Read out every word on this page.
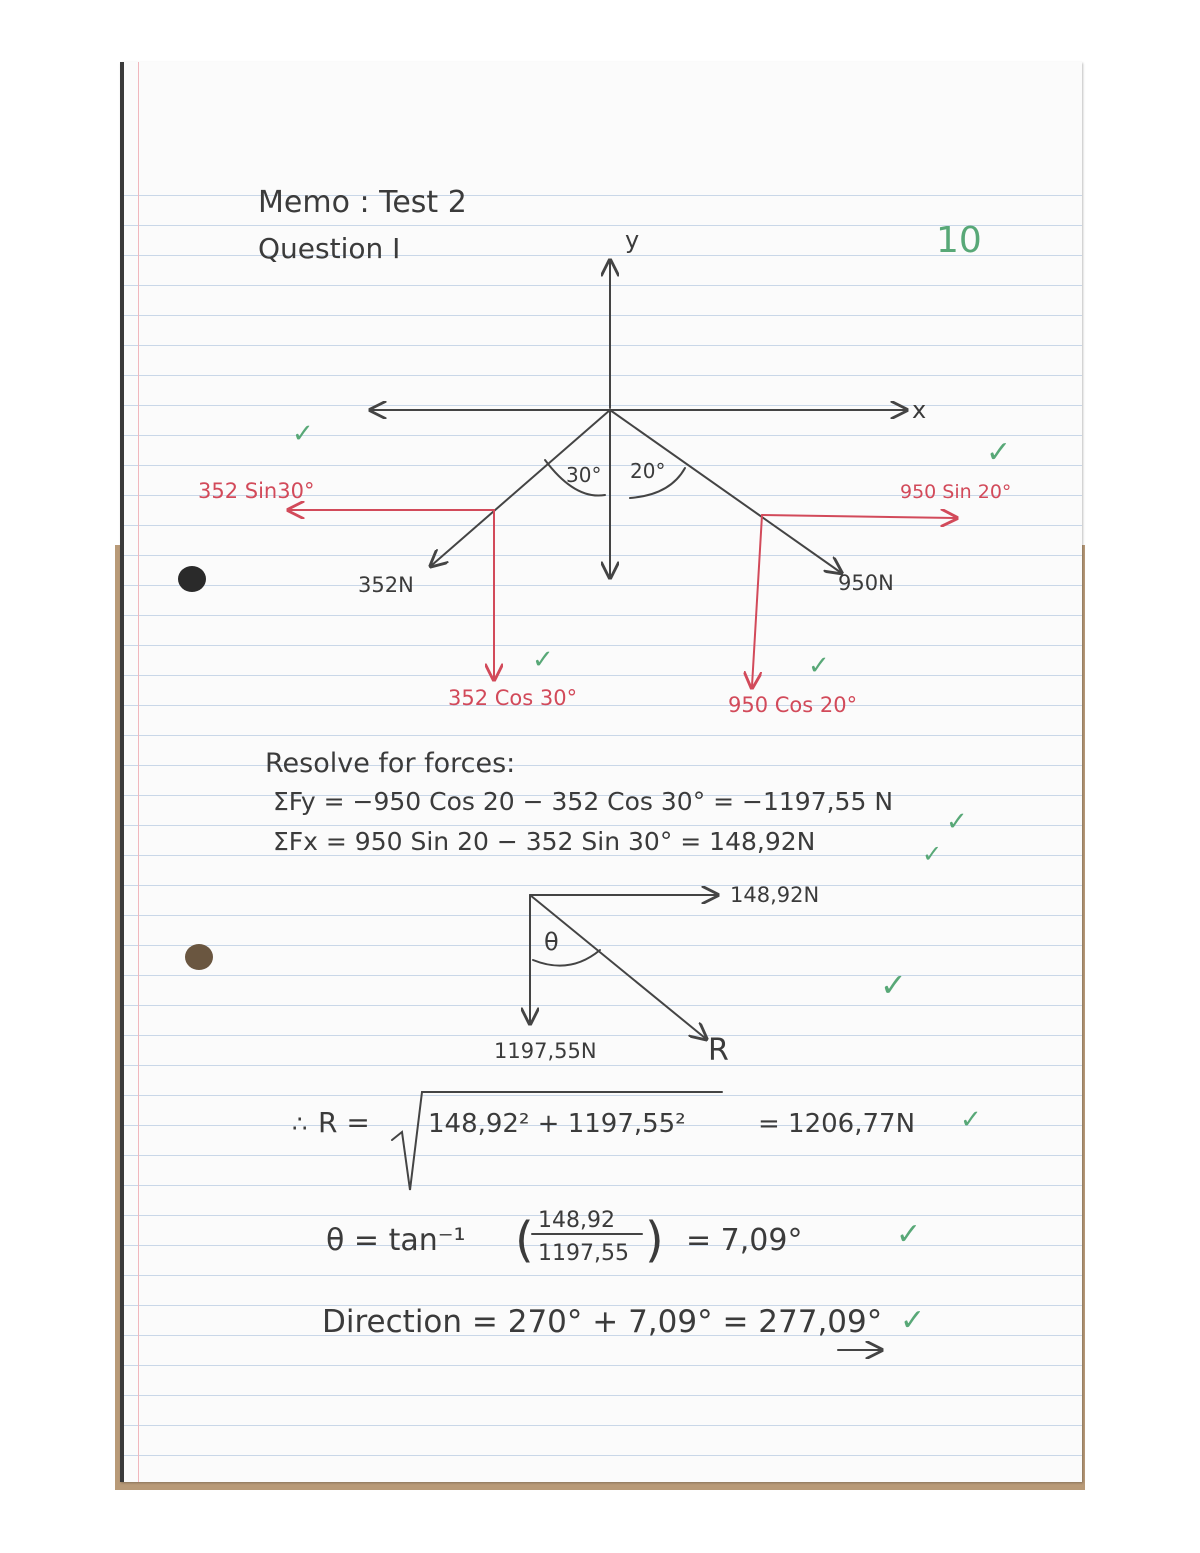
Memo : Test 2
Question I	10
y
x
30° 20°
352N	950N
352 Sin30°	950 Sin 20°
352 Cos 30°	950 Cos 20°
Resolve for forces:
ΣFy = −950 Cos 20 − 352 Cos 30° = −1197,55 N
ΣFx = 950 Sin 20 − 352 Sin 30° = 148,92N
θ
148,92N
1197,55N	R
∴ R = 148,92² + 1197,55²	= 1206,77N
θ = tan⁻¹ ( 148,92
1197,55 ) = 7,09°
Direction = 270° + 7,09° = 277,09°
✓
✓
✓	✓
✓
✓
✓
✓
✓
✓
